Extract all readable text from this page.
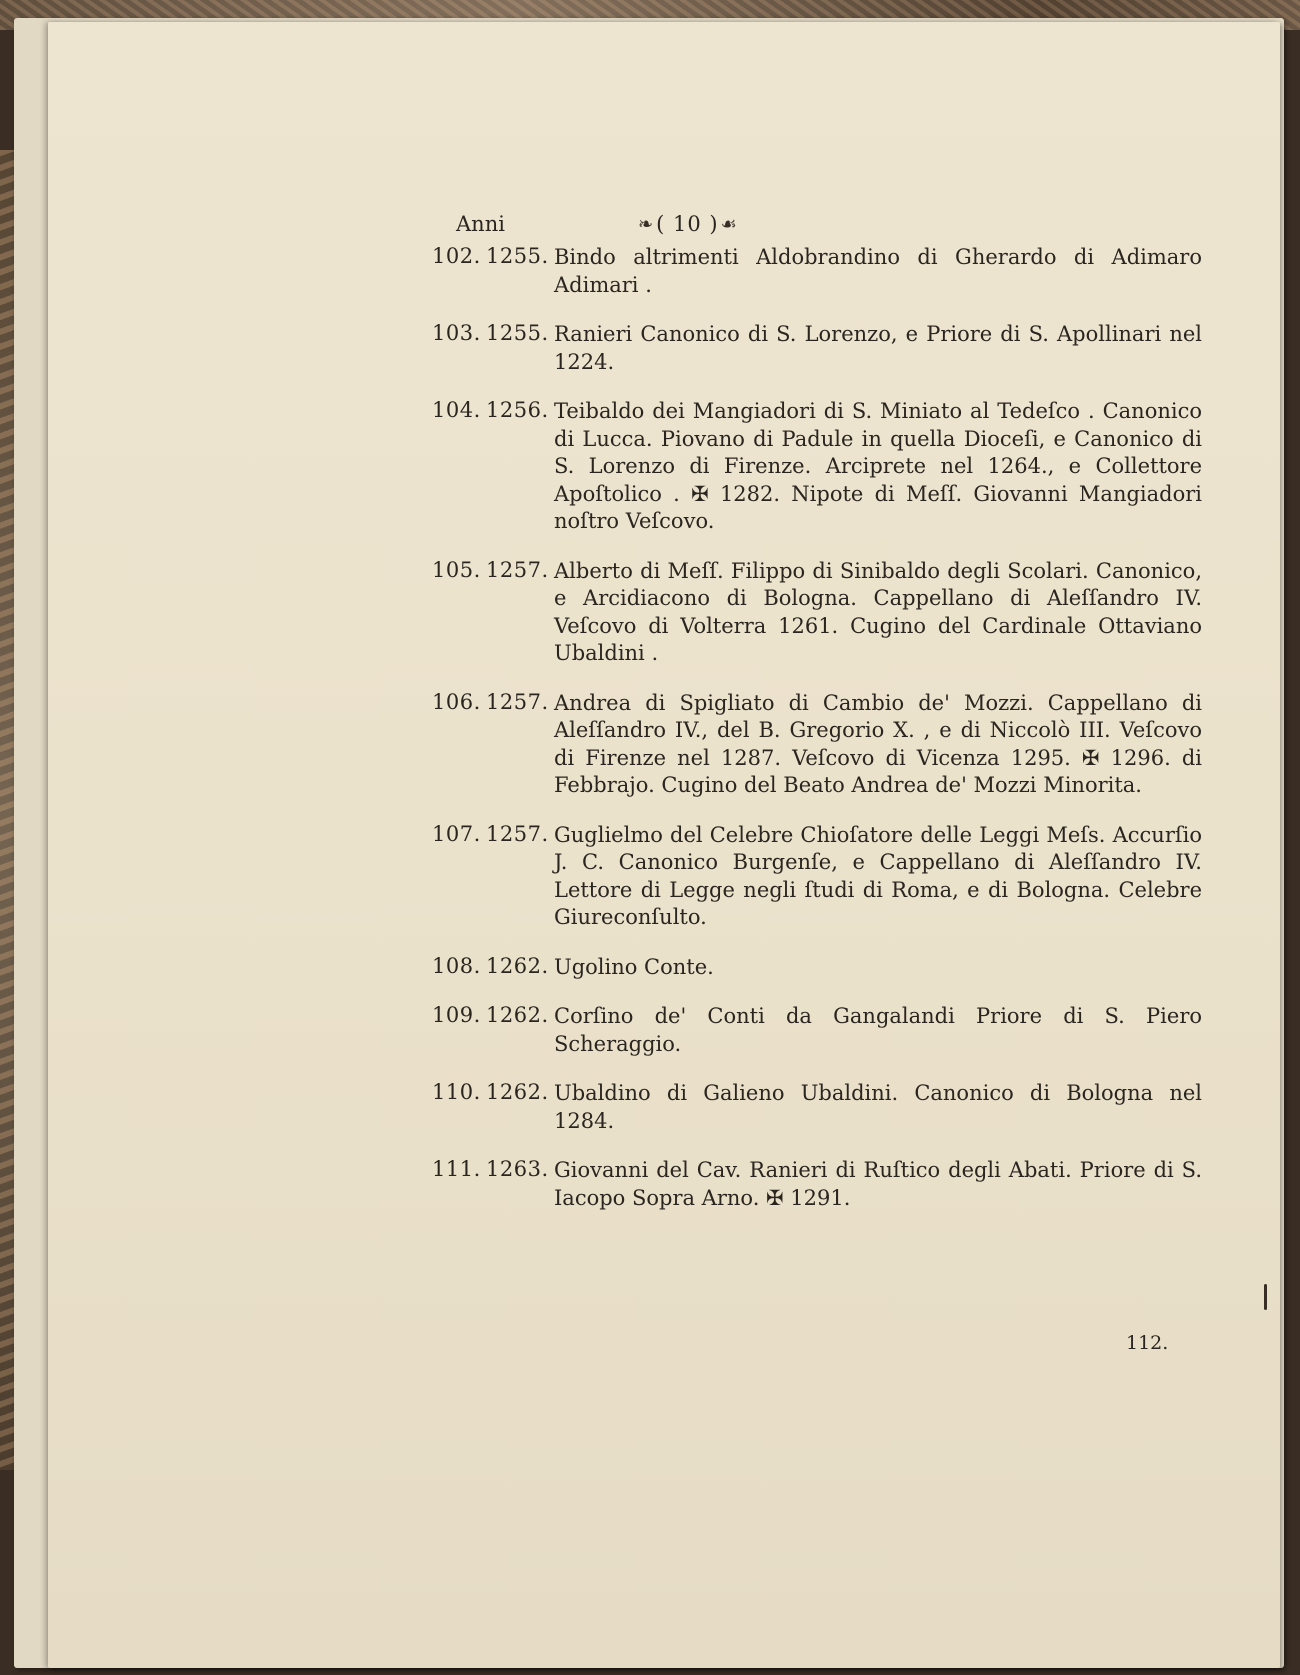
Anni	❧ ( 10 ) ☙
102. 1255. Bindo altrimenti Aldobrandino di Gherardo di Adimaro Adimari .
103. 1255. Ranieri Canonico di S. Lorenzo, e Priore di S. Apollinari nel 1224.
104. 1256. Teibaldo dei Mangiadori di S. Miniato al Tedeſco . Canonico di Lucca. Piovano di Padule in quella Dioceſi, e Canonico di S. Lorenzo di Firenze. Arciprete nel 1264., e Collettore Apoſtolico . ✠ 1282. Nipote di Meſſ. Giovanni Mangiadori noſtro Veſcovo.
105. 1257. Alberto di Meſſ. Filippo di Sinibaldo degli Scolari. Canonico, e Arcidiacono di Bologna. Cappellano di Aleſſandro IV. Veſcovo di Volterra 1261. Cugino del Cardinale Ottaviano Ubaldini .
106. 1257. Andrea di Spigliato di Cambio de' Mozzi. Cappellano di Aleſſandro IV., del B. Gregorio X. , e di Niccolò III. Veſcovo di Firenze nel 1287. Veſcovo di Vicenza 1295. ✠ 1296. di Febbrajo. Cugino del Beato Andrea de' Mozzi Minorita.
107. 1257. Guglielmo del Celebre Chioſatore delle Leggi Meſs. Accurſio J. C. Canonico Burgenſe, e Cappellano di Aleſſandro IV. Lettore di Legge negli ſtudi di Roma, e di Bologna. Celebre Giureconſulto.
108. 1262. Ugolino Conte.
109. 1262. Corſino de' Conti da Gangalandi Priore di S. Piero Scheraggio.
110. 1262. Ubaldino di Galieno Ubaldini. Canonico di Bologna nel 1284.
111. 1263. Giovanni del Cav. Ranieri di Ruſtico degli Abati. Priore di S. Iacopo Sopra Arno. ✠ 1291.
112.
